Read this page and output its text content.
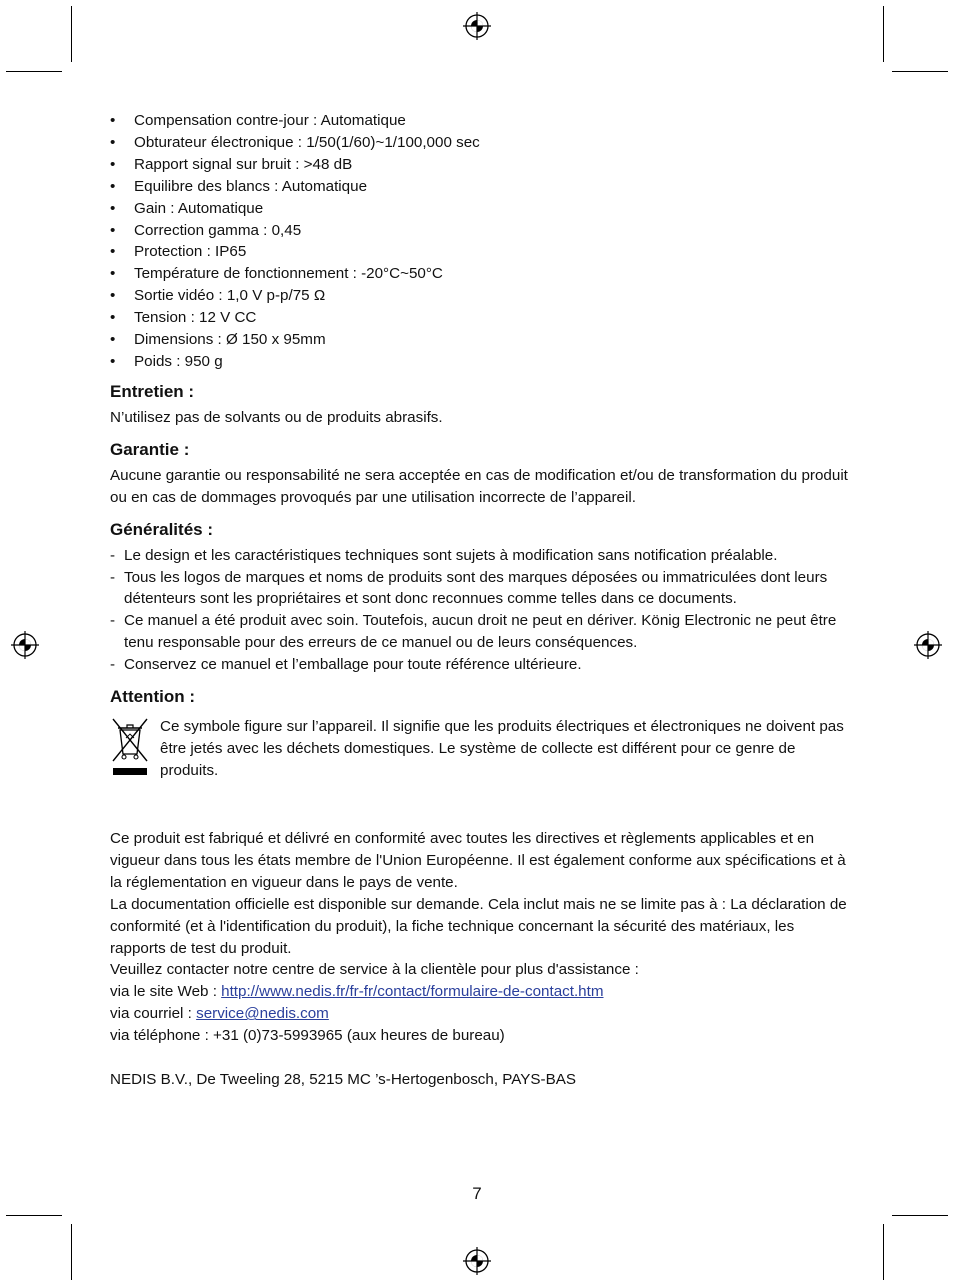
• Compensation contre-jour : Automatique
• Obturateur électronique : 1/50(1/60)~1/100,000 sec
• Rapport signal sur bruit : >48 dB
• Equilibre des blancs : Automatique
• Gain : Automatique
• Correction gamma : 0,45
• Protection : IP65
• Température de fonctionnement : -20°C~50°C
• Sortie vidéo : 1,0 V p-p/75 Ω
• Tension : 12 V CC
• Dimensions : Ø 150 x 95mm
• Poids : 950 g
Entretien :

N’utilisez pas de solvants ou de produits abrasifs.

Garantie :

Aucune garantie ou responsabilité ne sera acceptée en cas de modification et/ou de transformation du produit ou en cas de dommages provoqués par une utilisation incorrecte de l’appareil.

Généralités :
- Le design et les caractéristiques techniques sont sujets à modification sans notification préalable.
- Tous les logos de marques et noms de produits sont des marques déposées ou immatriculées dont leurs détenteurs sont les propriétaires et sont donc reconnues comme telles dans ce documents.
- Ce manuel a été produit avec soin. Toutefois, aucun droit ne peut en dériver. König Electronic ne peut être tenu responsable pour des erreurs de ce manuel ou de leurs conséquences.
- Conservez ce manuel et l’emballage pour toute référence ultérieure.
Attention :

Ce symbole figure sur l’appareil. Il signifie que les produits électriques et électroniques ne doivent pas être jetés avec les déchets domestiques. Le système de collecte est différent pour ce genre de produits.

Ce produit est fabriqué et délivré en conformité avec toutes les directives et règlements applicables et en vigueur dans tous les états membre de l'Union Européenne. Il est également conforme aux spécifications et à la réglementation en vigueur dans le pays de vente.

La documentation officielle est disponible sur demande. Cela inclut mais ne se limite pas à : La déclaration de conformité (et à l'identification du produit), la fiche technique concernant la sécurité des matériaux, les rapports de test du produit.

Veuillez contacter notre centre de service à la clientèle pour plus d'assistance :

via le site Web : http://www.nedis.fr/fr-fr/contact/formulaire-de-contact.htm

via courriel : service@nedis.com

via téléphone : +31 (0)73-5993965 (aux heures de bureau)

NEDIS B.V., De Tweeling 28, 5215 MC ’s-Hertogenbosch, PAYS-BAS

7
